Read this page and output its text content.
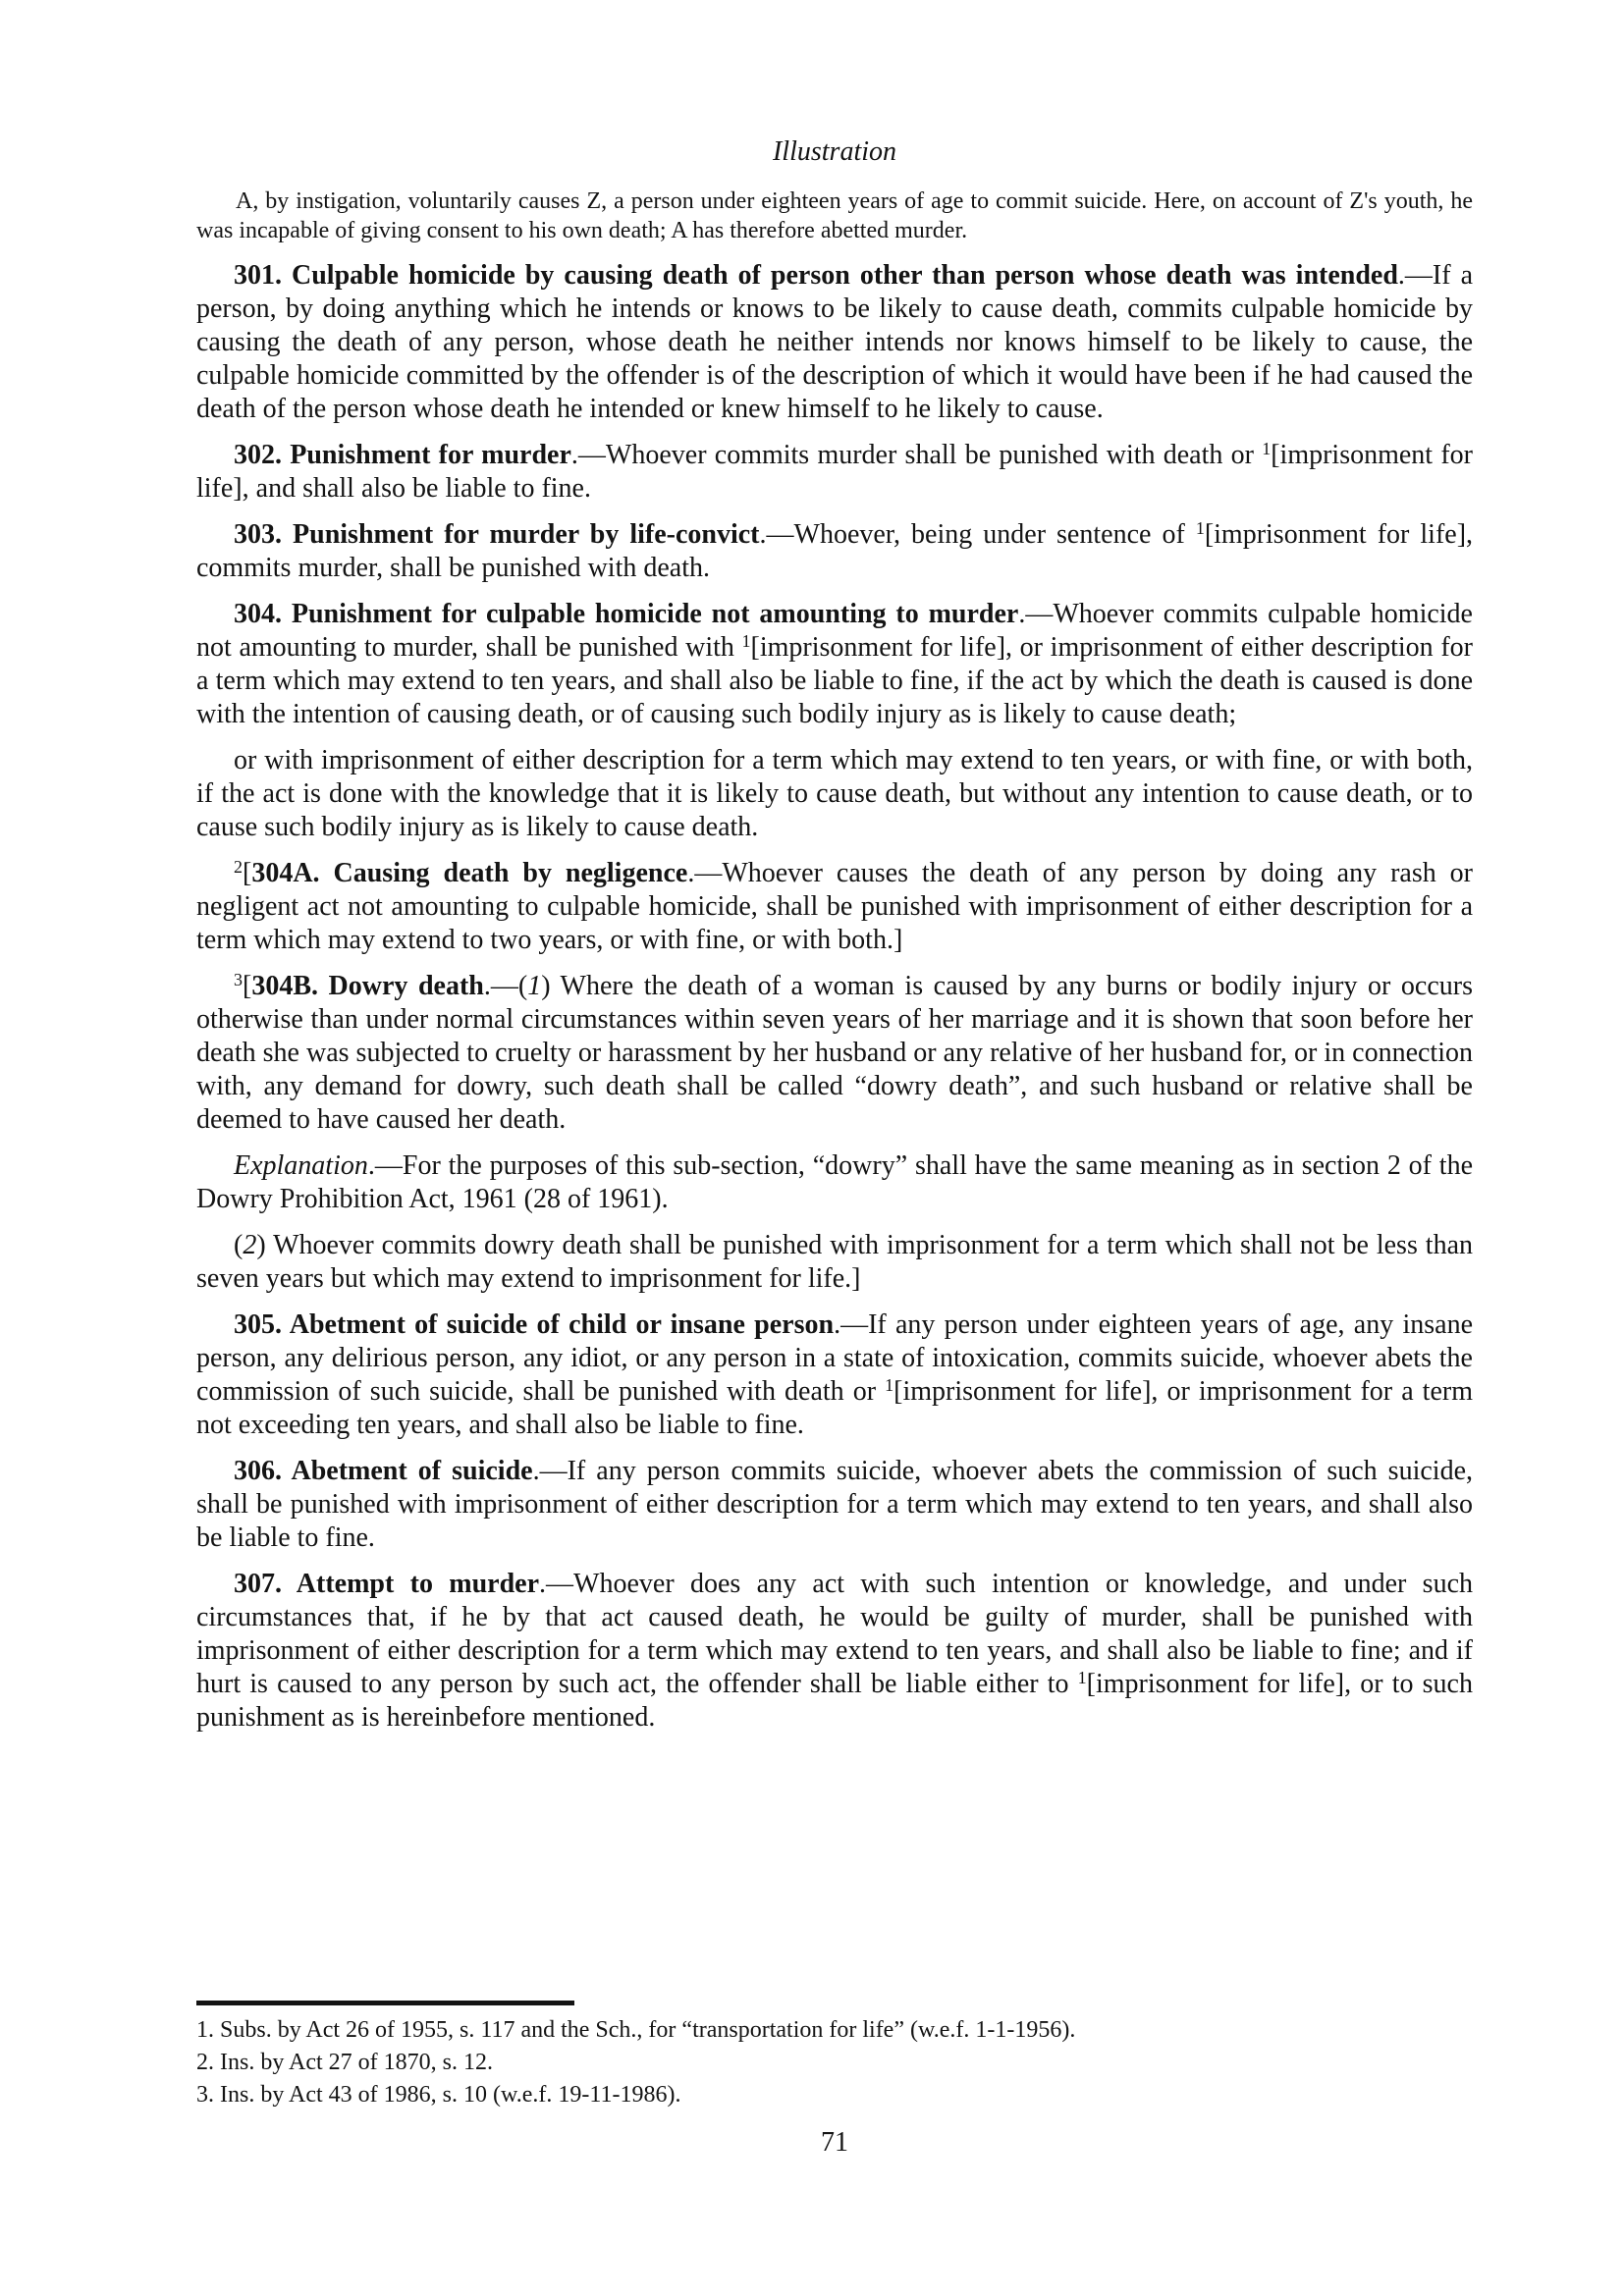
Illustration

A, by instigation, voluntarily causes Z, a person under eighteen years of age to commit suicide. Here, on account of Z's youth, he was incapable of giving consent to his own death; A has therefore abetted murder.

301. Culpable homicide by causing death of person other than person whose death was intended.—If a person, by doing anything which he intends or knows to be likely to cause death, commits culpable homicide by causing the death of any person, whose death he neither intends nor knows himself to be likely to cause, the culpable homicide committed by the offender is of the description of which it would have been if he had caused the death of the person whose death he intended or knew himself to he likely to cause.

302. Punishment for murder.—Whoever commits murder shall be punished with death or $^1$[imprisonment for life], and shall also be liable to fine.

303. Punishment for murder by life-convict.—Whoever, being under sentence of $^1$[imprisonment for life], commits murder, shall be punished with death.

304. Punishment for culpable homicide not amounting to murder.—Whoever commits culpable homicide not amounting to murder, shall be punished with $^1$[imprisonment for life], or imprisonment of either description for a term which may extend to ten years, and shall also be liable to fine, if the act by which the death is caused is done with the intention of causing death, or of causing such bodily injury as is likely to cause death;

or with imprisonment of either description for a term which may extend to ten years, or with fine, or with both, if the act is done with the knowledge that it is likely to cause death, but without any intention to cause death, or to cause such bodily injury as is likely to cause death.

$^2$[304A. Causing death by negligence.—Whoever causes the death of any person by doing any rash or negligent act not amounting to culpable homicide, shall be punished with imprisonment of either description for a term which may extend to two years, or with fine, or with both.]

$^3$[304B. Dowry death.—(1) Where the death of a woman is caused by any burns or bodily injury or occurs otherwise than under normal circumstances within seven years of her marriage and it is shown that soon before her death she was subjected to cruelty or harassment by her husband or any relative of her husband for, or in connection with, any demand for dowry, such death shall be called “dowry death”, and such husband or relative shall be deemed to have caused her death.

Explanation.—For the purposes of this sub-section, “dowry” shall have the same meaning as in section 2 of the Dowry Prohibition Act, 1961 (28 of 1961).

(2) Whoever commits dowry death shall be punished with imprisonment for a term which shall not be less than seven years but which may extend to imprisonment for life.]

305. Abetment of suicide of child or insane person.—If any person under eighteen years of age, any insane person, any delirious person, any idiot, or any person in a state of intoxication, commits suicide, whoever abets the commission of such suicide, shall be punished with death or $^1$[imprisonment for life], or imprisonment for a term not exceeding ten years, and shall also be liable to fine.

306. Abetment of suicide.—If any person commits suicide, whoever abets the commission of such suicide, shall be punished with imprisonment of either description for a term which may extend to ten years, and shall also be liable to fine.

307. Attempt to murder.—Whoever does any act with such intention or knowledge, and under such circumstances that, if he by that act caused death, he would be guilty of murder, shall be punished with imprisonment of either description for a term which may extend to ten years, and shall also be liable to fine; and if hurt is caused to any person by such act, the offender shall be liable either to $^1$[imprisonment for life], or to such punishment as is hereinbefore mentioned.

1. Subs. by Act 26 of 1955, s. 117 and the Sch., for “transportation for life” (w.e.f. 1-1-1956).

2. Ins. by Act 27 of 1870, s. 12.

3. Ins. by Act 43 of 1986, s. 10 (w.e.f. 19-11-1986).

71
